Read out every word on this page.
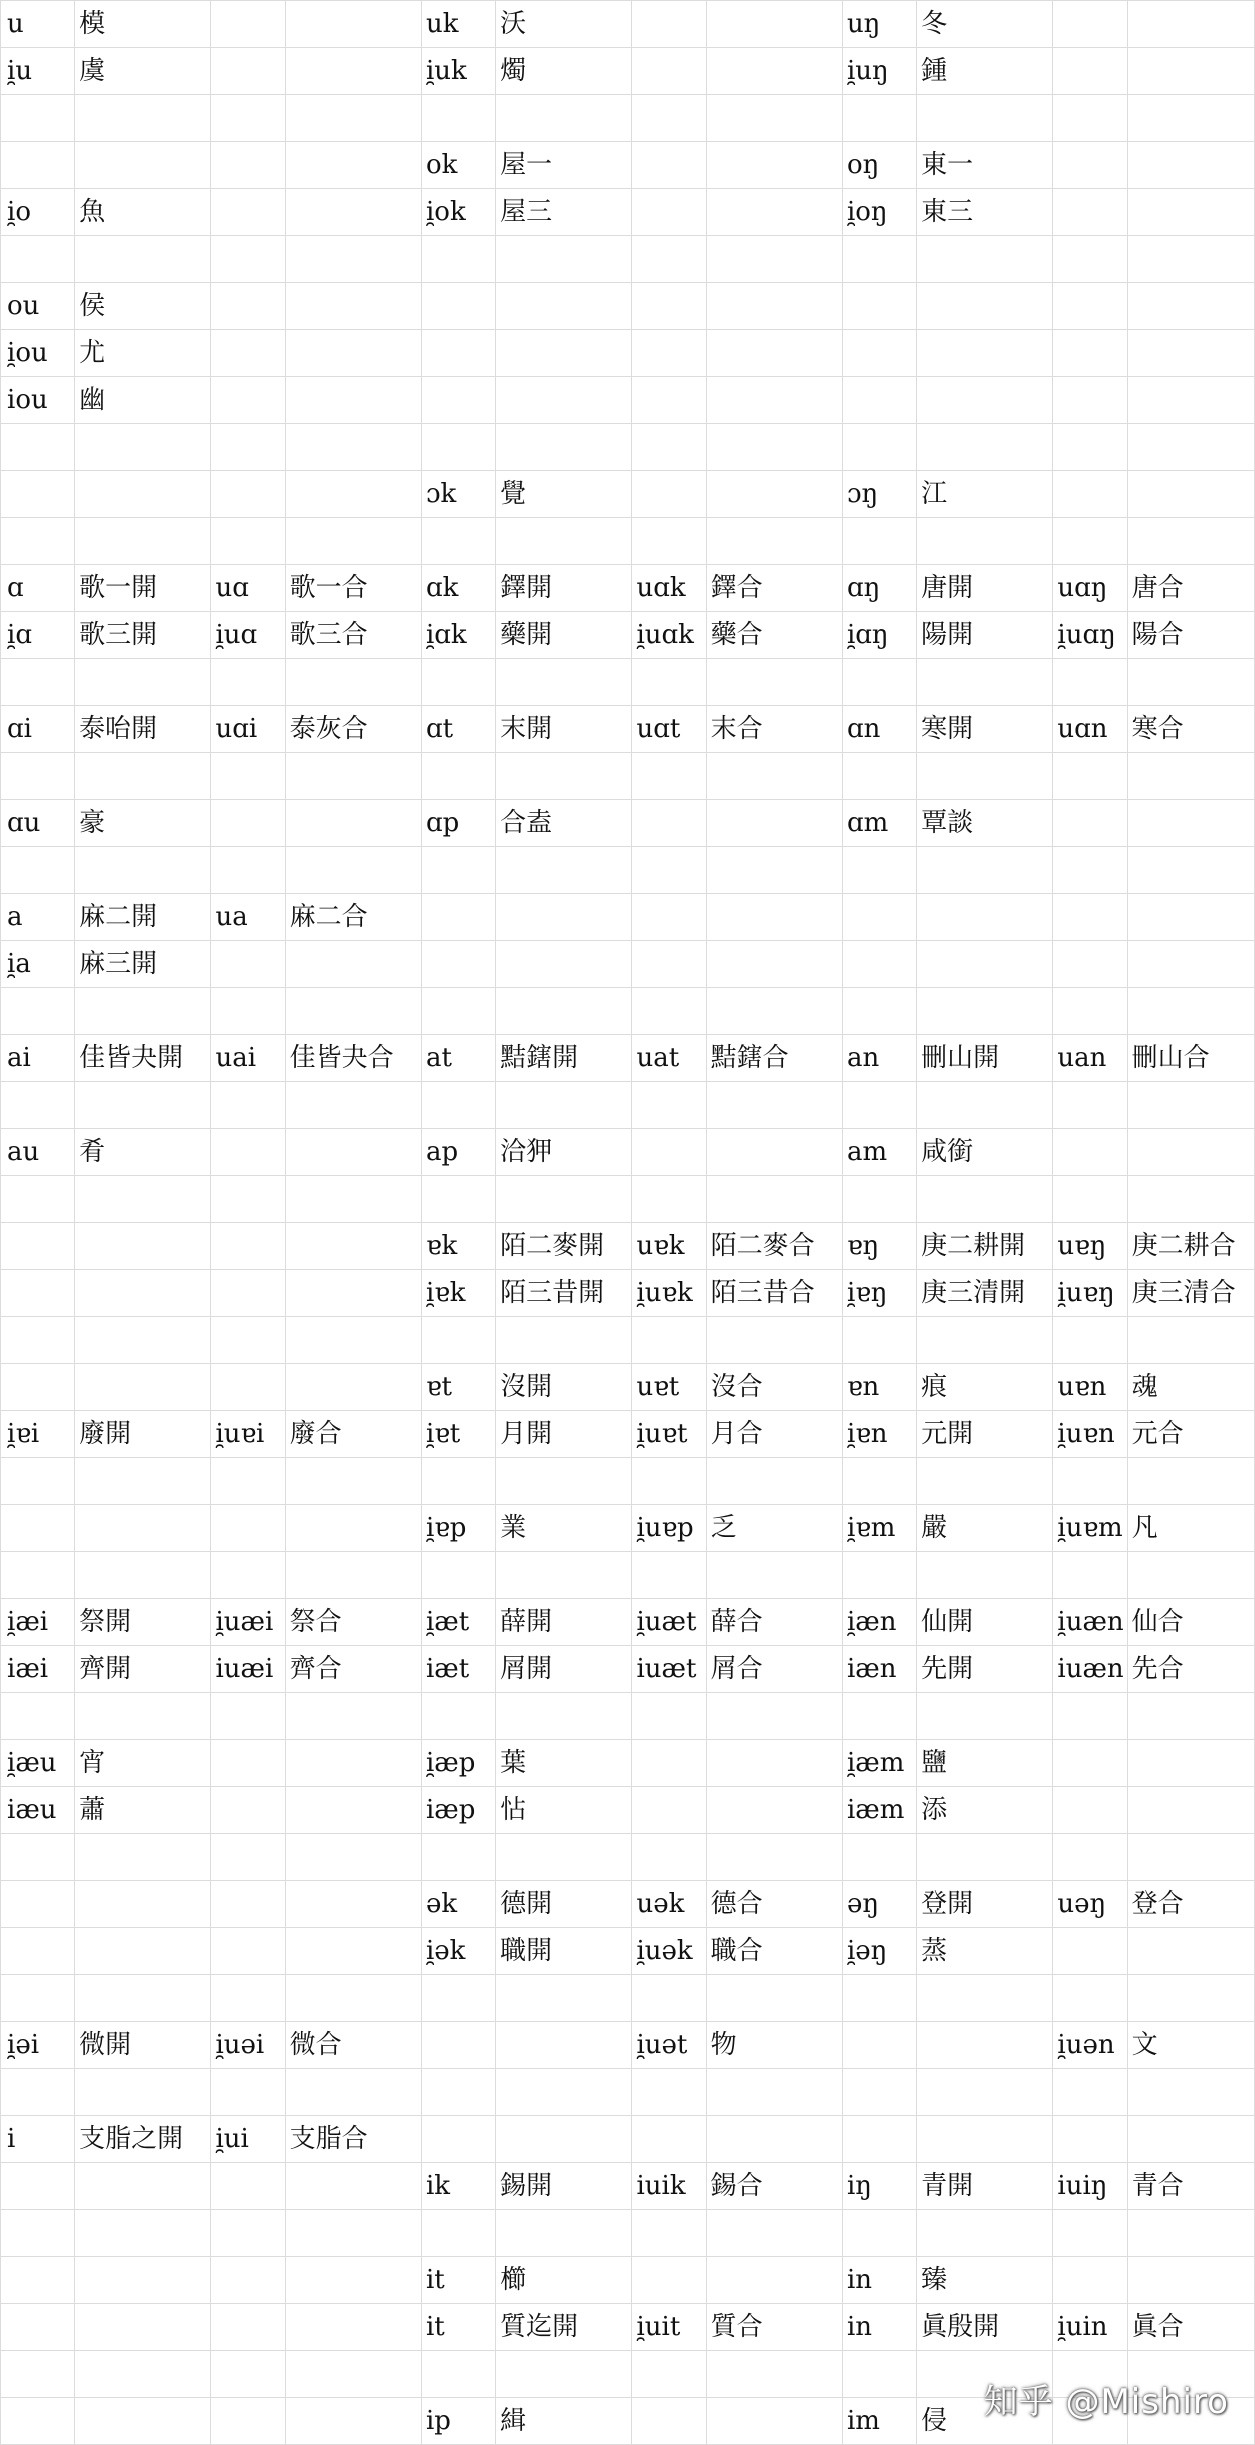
u	模			uk	沃			uŋ	冬		
i̯u	虞			i̯uk	燭			i̯uŋ	鍾		

				ok	屋一			oŋ	東一		
i̯o	魚			i̯ok	屋三			i̯oŋ	東三		

ou	侯										
i̯ou	尤										
iou	幽										

				ɔk	覺			ɔŋ	江		

ɑ	歌一開	uɑ	歌一合	ɑk	鐸開	uɑk	鐸合	ɑŋ	唐開	uɑŋ	唐合
i̯ɑ	歌三開	i̯uɑ	歌三合	i̯ɑk	藥開	i̯uɑk	藥合	i̯ɑŋ	陽開	i̯uɑŋ	陽合

ɑi	泰咍開	uɑi	泰灰合	ɑt	末開	uɑt	末合	ɑn	寒開	uɑn	寒合

ɑu	豪			ɑp	合盍			ɑm	覃談		

a	麻二開	ua	麻二合								
i̯a	麻三開										

ai	佳皆夬開	uai	佳皆夬合	at	黠鎋開	uat	黠鎋合	an	刪山開	uan	刪山合

au	肴			ap	洽狎			am	咸銜		

				ɐk	陌二麥開	uɐk	陌二麥合	ɐŋ	庚二耕開	uɐŋ	庚二耕合
				i̯ɐk	陌三昔開	i̯uɐk	陌三昔合	i̯ɐŋ	庚三清開	i̯uɐŋ	庚三清合

				ɐt	沒開	uɐt	沒合	ɐn	痕	uɐn	魂
i̯ɐi	廢開	i̯uɐi	廢合	i̯ɐt	月開	i̯uɐt	月合	i̯ɐn	元開	i̯uɐn	元合

				i̯ɐp	業	i̯uɐp	乏	i̯ɐm	嚴	i̯uɐm	凡

i̯æi	祭開	i̯uæi	祭合	i̯æt	薛開	i̯uæt	薛合	i̯æn	仙開	i̯uæn	仙合
iæi	齊開	iuæi	齊合	iæt	屑開	iuæt	屑合	iæn	先開	iuæn	先合

i̯æu	宵			i̯æp	葉			i̯æm	鹽		
iæu	蕭			iæp	怗			iæm	添		

				ək	德開	uək	德合	əŋ	登開	uəŋ	登合
				i̯ək	職開	i̯uək	職合	i̯əŋ	蒸		

i̯əi	微開	i̯uəi	微合			i̯uət	物			i̯uən	文

i	支脂之開	i̯ui	支脂合								
				ik	錫開	iuik	錫合	iŋ	青開	iuiŋ	青合

				it	櫛			in	臻		
				it	質迄開	i̯uit	質合	in	眞殷開	i̯uin	眞合

				ip	緝			im	侵		知乎 @Mishiro
